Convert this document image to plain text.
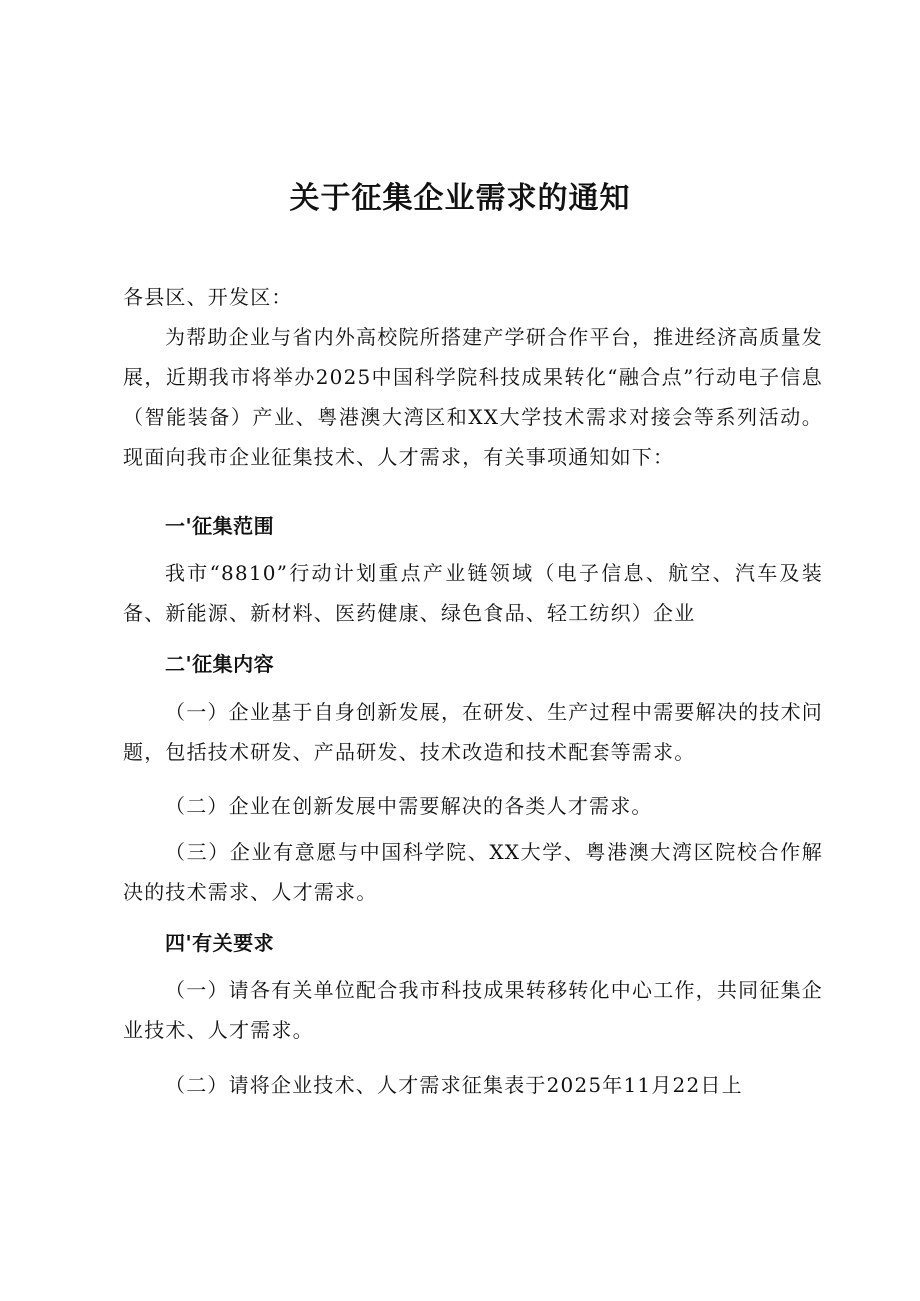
关于征集企业需求的通知

各县区、开发区：

为帮助企业与省内外高校院所搭建产学研合作平台，推进经济高质量发展，近期我市将举办2025中国科学院科技成果转化“融合点”行动电子信息（智能装备）产业、粤港澳大湾区和XX大学技术需求对接会等系列活动。现面向我市企业征集技术、人才需求，有关事项通知如下：

一'征集范围

我市“8810”行动计划重点产业链领域（电子信息、航空、汽车及装备、新能源、新材料、医药健康、绿色食品、轻工纺织）企业

二'征集内容

（一）企业基于自身创新发展，在研发、生产过程中需要解决的技术问题，包括技术研发、产品研发、技术改造和技术配套等需求。

（二）企业在创新发展中需要解决的各类人才需求。

（三）企业有意愿与中国科学院、XX大学、粤港澳大湾区院校合作解决的技术需求、人才需求。

四'有关要求

（一）请各有关单位配合我市科技成果转移转化中心工作，共同征集企业技术、人才需求。

（二）请将企业技术、人才需求征集表于2025年11月22日上
